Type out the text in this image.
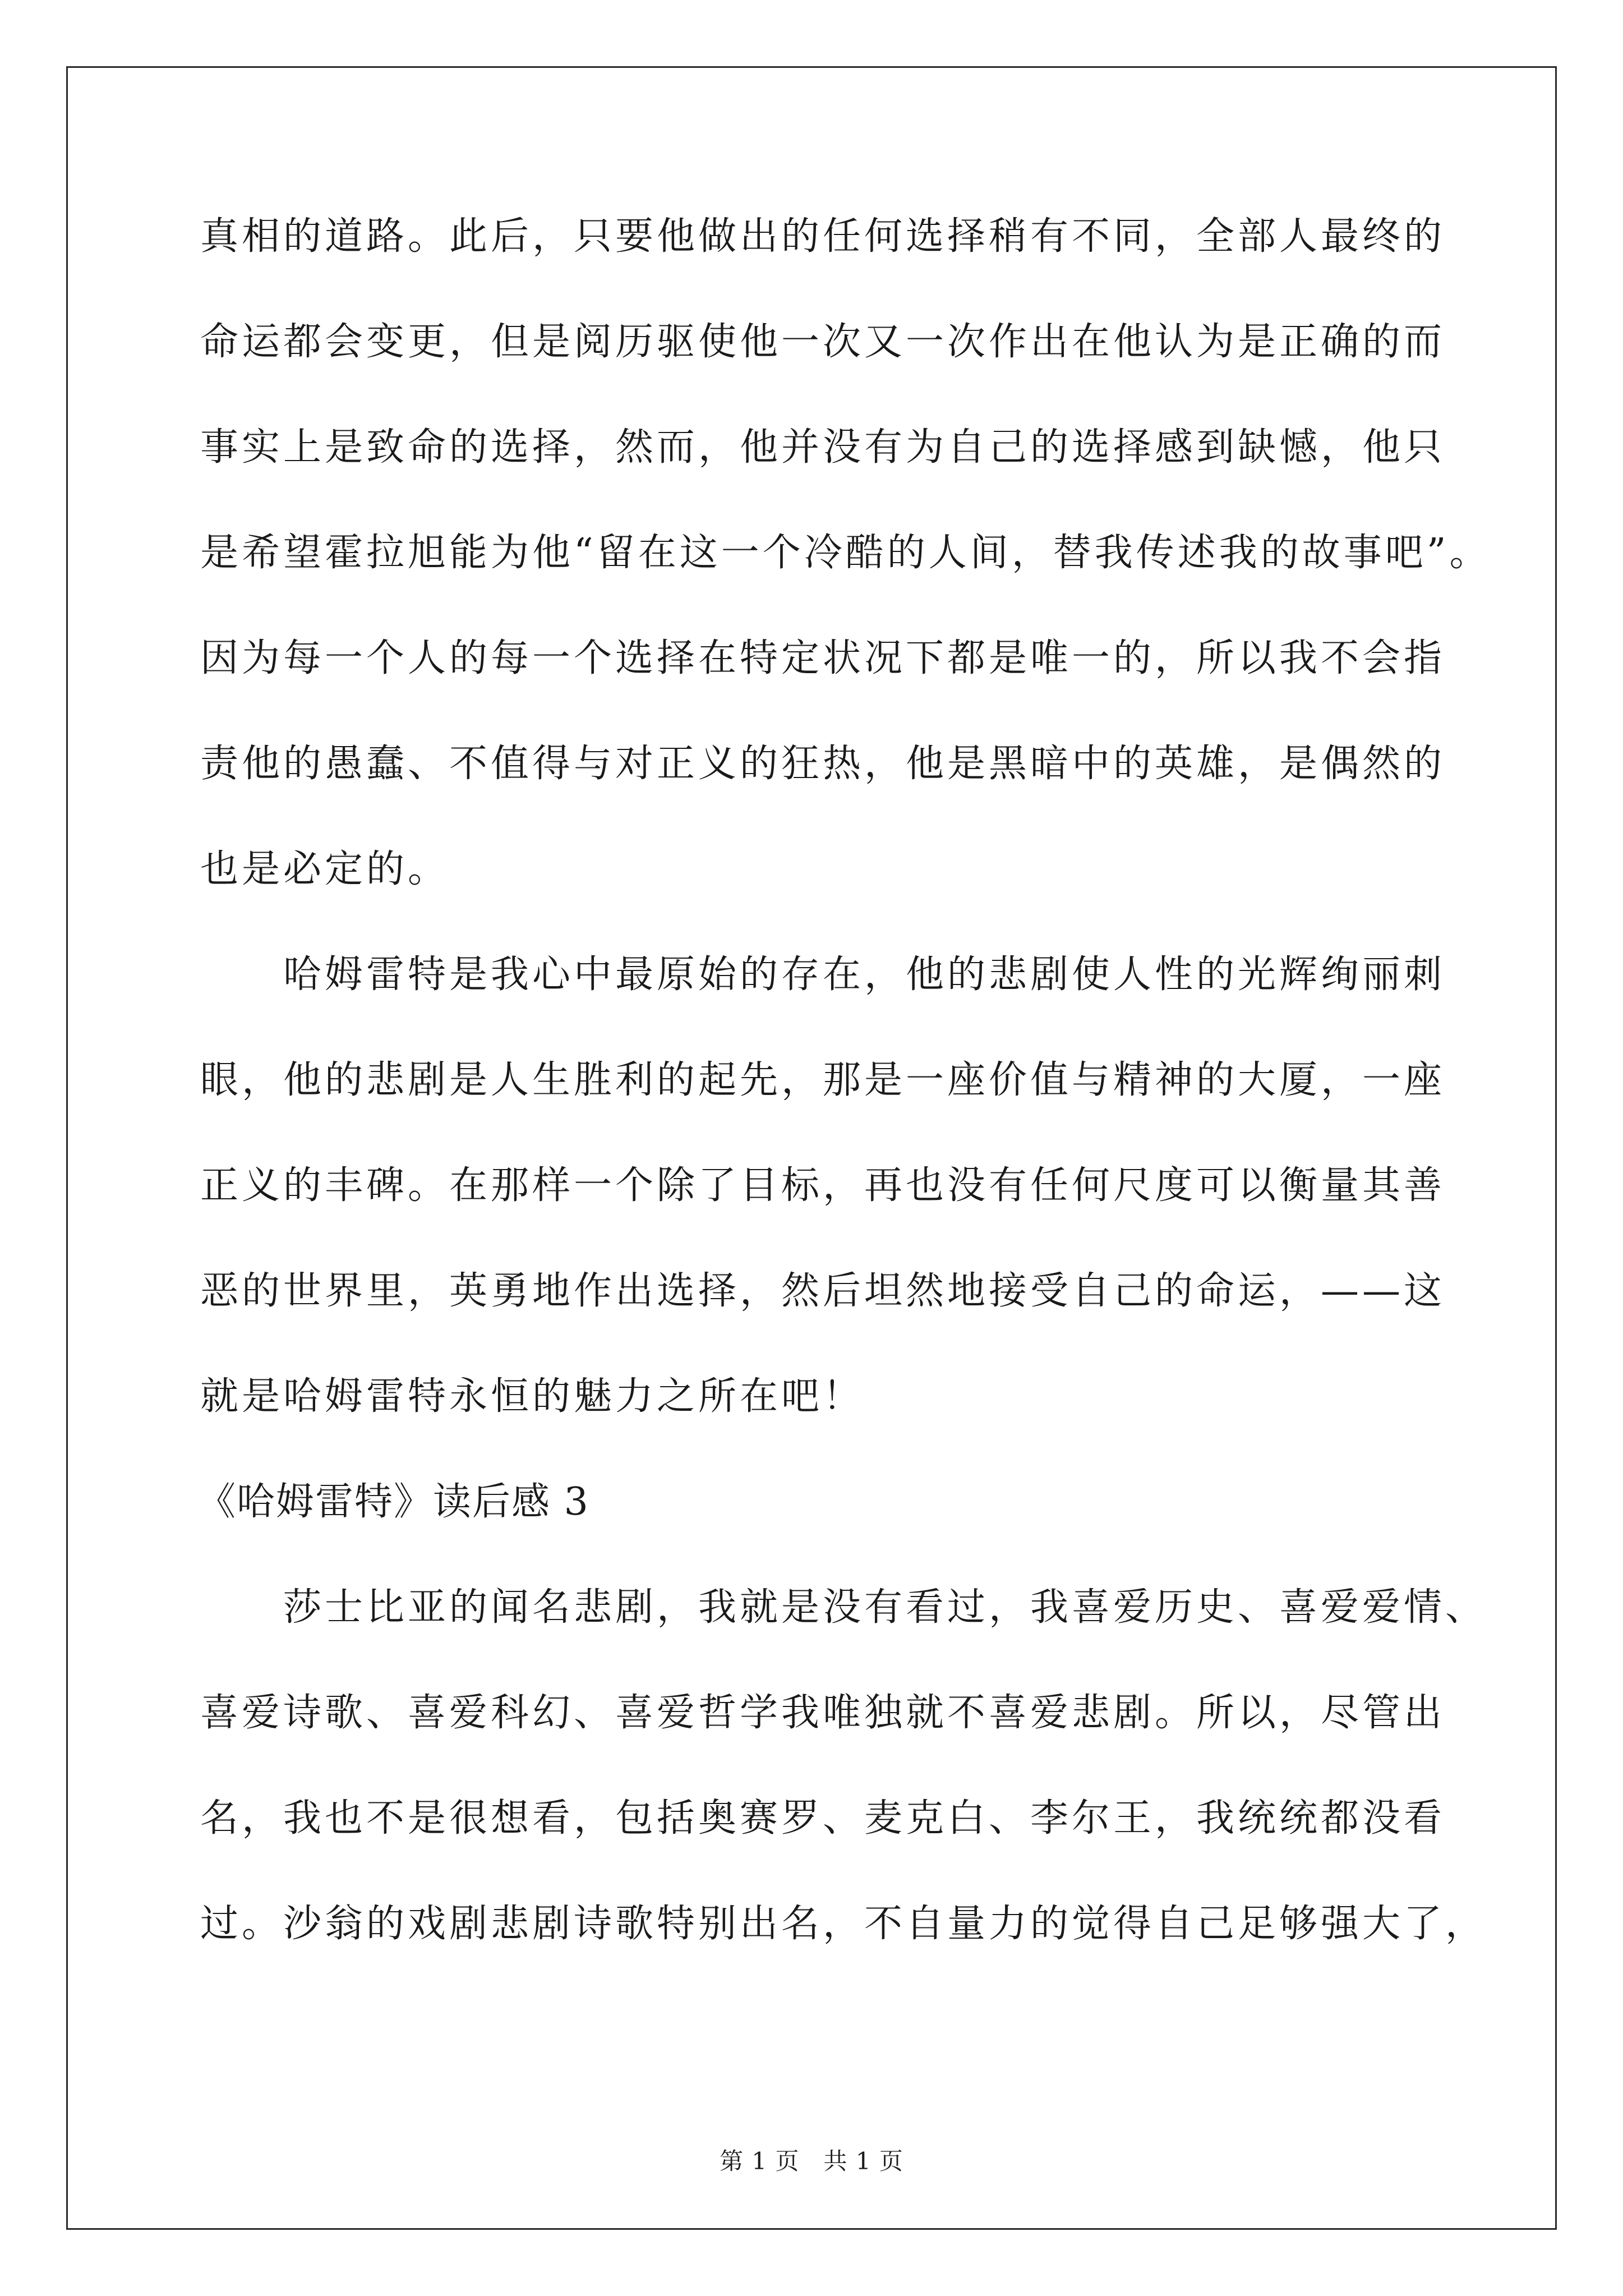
真相的道路。此后，只要他做出的任何选择稍有不同，全部人最终的
命运都会变更，但是阅历驱使他一次又一次作出在他认为是正确的而
事实上是致命的选择，然而，他并没有为自己的选择感到缺憾，他只
是希望霍拉旭能为他“留在这一个冷酷的人间，替我传述我的故事吧”。
因为每一个人的每一个选择在特定状况下都是唯一的，所以我不会指
责他的愚蠢、不值得与对正义的狂热，他是黑暗中的英雄，是偶然的
也是必定的。
哈姆雷特是我心中最原始的存在，他的悲剧使人性的光辉绚丽刺
眼，他的悲剧是人生胜利的起先，那是一座价值与精神的大厦，一座
正义的丰碑。在那样一个除了目标，再也没有任何尺度可以衡量其善
恶的世界里，英勇地作出选择，然后坦然地接受自己的命运，——这
就是哈姆雷特永恒的魅力之所在吧！
《哈姆雷特》读后感 3
莎士比亚的闻名悲剧，我就是没有看过，我喜爱历史、喜爱爱情、
喜爱诗歌、喜爱科幻、喜爱哲学我唯独就不喜爱悲剧。所以，尽管出
名，我也不是很想看，包括奥赛罗、麦克白、李尔王，我统统都没看
过。沙翁的戏剧悲剧诗歌特别出名，不自量力的觉得自己足够强大了，
第 1 页　共 1 页
